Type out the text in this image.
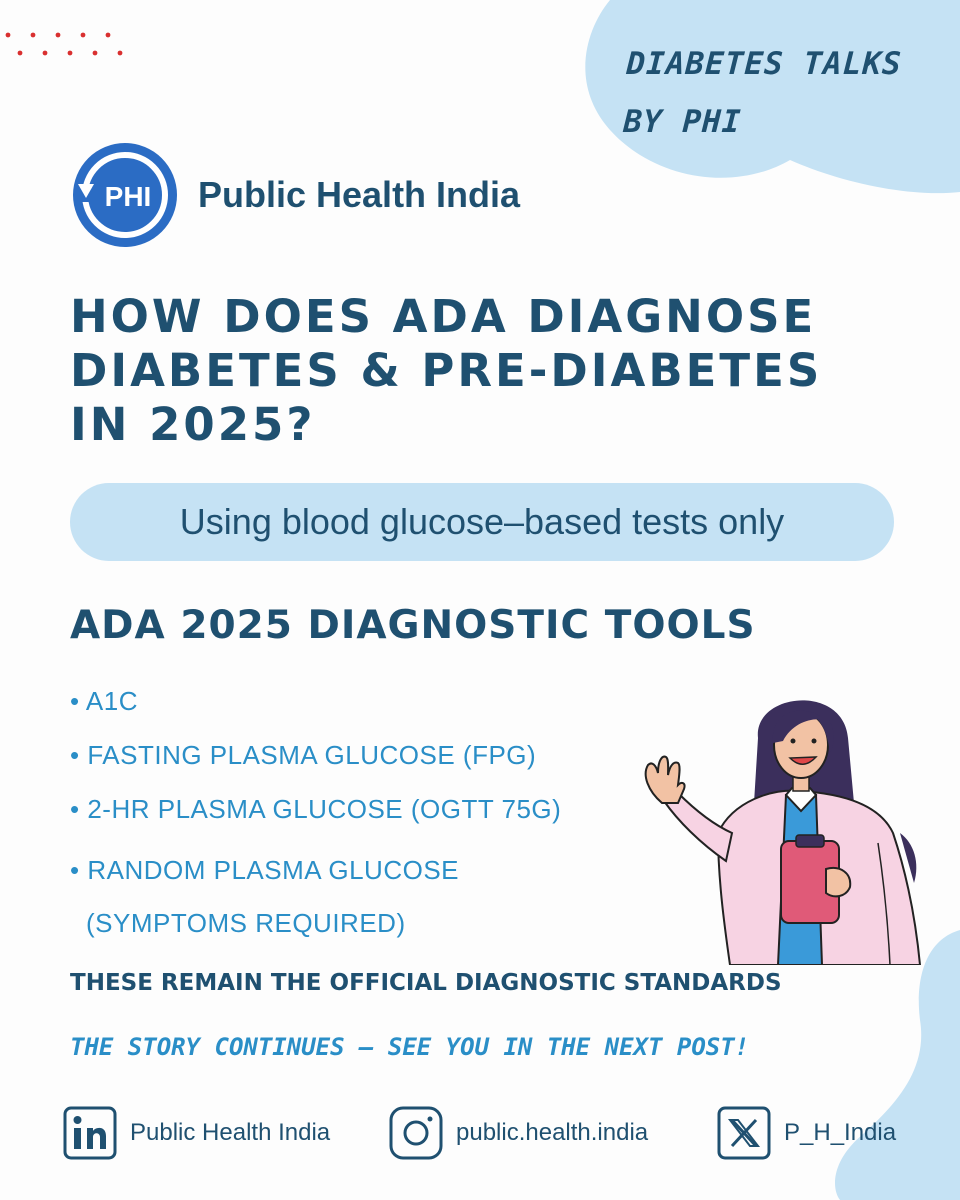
DIABETES TALKS
BY PHI
PHI Public Health India
HOW DOES ADA DIAGNOSE
DIABETES & PRE-DIABETES
IN 2025?
Using blood glucose–based tests only
ADA 2025 DIAGNOSTIC TOOLS
• A1C
• FASTING PLASMA GLUCOSE (FPG)
• 2-HR PLASMA GLUCOSE (OGTT 75G)
• RANDOM PLASMA GLUCOSE
(SYMPTOMS REQUIRED)
THESE REMAIN THE OFFICIAL DIAGNOSTIC STANDARDS
THE STORY CONTINUES — SEE YOU IN THE NEXT POST!
Public Health India	public.health.india	P_H_India
